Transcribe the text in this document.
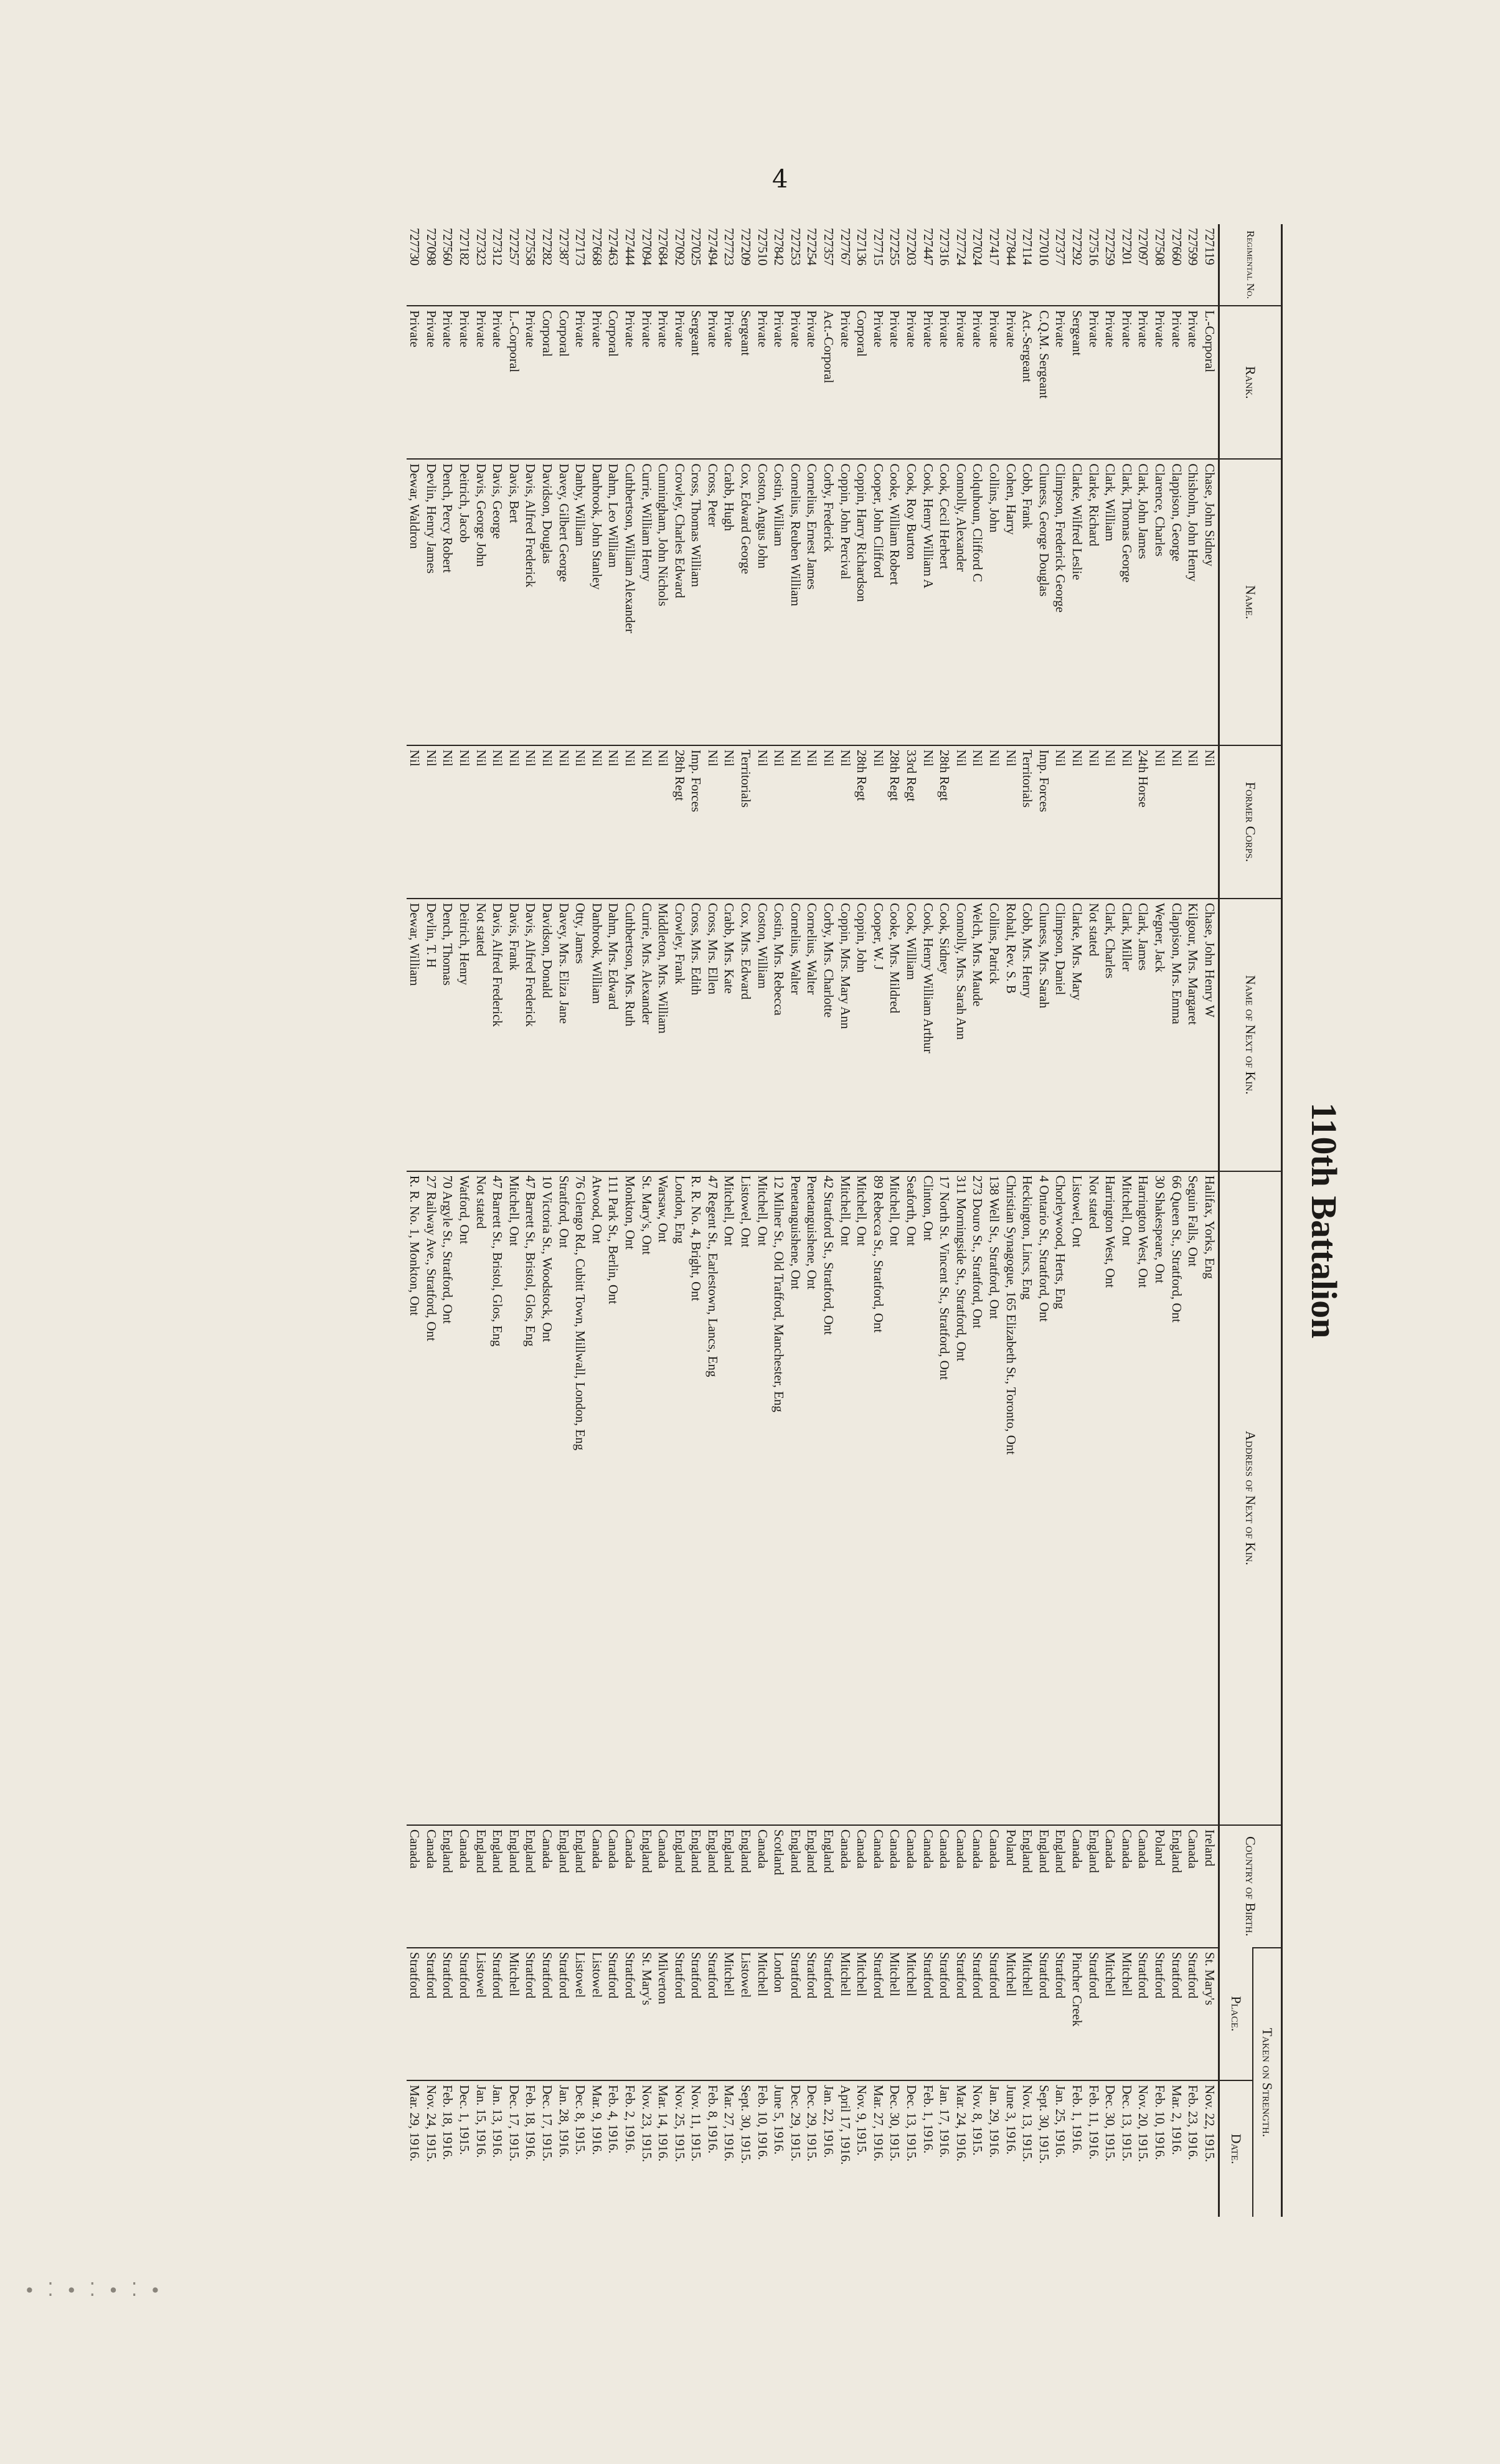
4
110th Battalion
Regimental No.	Rank.	Name.	Former Corps.	Name of Next of Kin.	Address of Next of Kin.	Country of Birth.	Taken on Strength.	
							Place.	Date.
727119	L.-Corporal	Chase, John Sidney	Nil	Chase, John Henry W	Halifax, Yorks, Eng	Ireland	St. Mary's	Nov. 22, 1915.
727599	Private	Chisholm, John Henry	Nil	Kilgour, Mrs. Margaret	Seguin Falls, Ont	Canada	Stratford	Feb. 23, 1916.
727660	Private	Clappison, George	Nil	Clappison, Mrs. Emma	66 Queen St., Stratford, Ont	England	Stratford	Mar. 2, 1916.
727508	Private	Clarence, Charles	Nil	Wegner, Jack	30 Shakespeare, Ont	Poland	Stratford	Feb. 10, 1916.
727097	Private	Clark, John James	24th Horse	Clark, James	Harrington West, Ont	Canada	Stratford	Nov. 20, 1915.
727201	Private	Clark, Thomas George	Nil	Clark, Miller	Mitchell, Ont	Canada	Mitchell	Dec. 13, 1915.
727259	Private	Clark, William	Nil	Clark, Charles	Harrington West, Ont	Canada	Mitchell	Dec. 30, 1915.
727516	Private	Clarke, Richard	Nil	Not stated	Not stated	England	Stratford	Feb. 11, 1916.
727292	Sergeant	Clarke, Wilfred Leslie	Nil	Clarke, Mrs. Mary	Listowel, Ont	Canada	Pincher Creek	Feb. 1, 1916.
727377	Private	Climpson, Frederick George	Nil	Climpson, Daniel	Chorleywood, Herts, Eng	England	Stratford	Jan. 25, 1916.
727010	C.Q.M. Sergeant	Cluness, George Douglas	Imp. Forces	Cluness, Mrs. Sarah	4 Ontario St., Stratford, Ont	England	Stratford	Sept. 30, 1915.
727114	Act.-Sergeant	Cobb, Frank	Territorials	Cobb, Mrs. Henry	Heckington, Lincs, Eng	England	Mitchell	Nov. 13, 1915.
727844	Private	Cohen, Harry	Nil	Rohalt, Rev. S. B	Christian Synagogue, 165 Elizabeth St., Toronto, Ont	Poland	Mitchell	June 3, 1916.
727417	Private	Collins, John	Nil	Collins, Patrick	138 Well St., Stratford, Ont	Canada	Stratford	Jan. 29, 1916.
727024	Private	Colquhoun, Clifford C	Nil	Welch, Mrs. Maude	273 Douro St., Stratford, Ont	Canada	Stratford	Nov. 8, 1915.
727724	Private	Connolly, Alexander	Nil	Connolly, Mrs. Sarah Ann	311 Morningside St., Stratford, Ont	Canada	Stratford	Mar. 24, 1916.
727316	Private	Cook, Cecil Herbert	28th Regt	Cook, Sidney	17 North St. Vincent St., Stratford, Ont	Canada	Stratford	Jan. 17, 1916.
727447	Private	Cook, Henry William A	Nil	Cook, Henry William Arthur	Clinton, Ont	Canada	Stratford	Feb. 1, 1916.
727203	Private	Cook, Roy Burton	33rd Regt	Cook, William	Seaforth, Ont	Canada	Mitchell	Dec. 13, 1915.
727255	Private	Cooke, William Robert	28th Regt	Cooke, Mrs. Mildred	Mitchell, Ont	Canada	Mitchell	Dec. 30, 1915.
727715	Private	Cooper, John Clifford	Nil	Cooper, W. J	89 Rebecca St., Stratford, Ont	Canada	Stratford	Mar. 27, 1916.
727136	Corporal	Coppin, Harry Richardson	28th Regt	Coppin, John	Mitchell, Ont	Canada	Mitchell	Nov. 9, 1915.
727767	Private	Coppin, John Percival	Nil	Coppin, Mrs. Mary Ann	Mitchell, Ont	Canada	Mitchell	April 17, 1916.
727357	Act.-Corporal	Corby, Frederick	Nil	Corby, Mrs. Charlotte	42 Stratford St., Stratford, Ont	England	Stratford	Jan. 22, 1916.
727254	Private	Cornelius, Ernest James	Nil	Cornelius, Walter	Penetanguishene, Ont	England	Stratford	Dec. 29, 1915.
727253	Private	Cornelius, Reuben William	Nil	Cornelius, Walter	Penetanguishene, Ont	England	Stratford	Dec. 29, 1915.
727842	Private	Costin, William	Nil	Costin, Mrs. Rebecca	12 Milner St., Old Trafford, Manchester, Eng	Scotland	London	June 5, 1916.
727510	Private	Coston, Angus John	Nil	Coston, William	Mitchell, Ont	Canada	Mitchell	Feb. 10, 1916.
727209	Sergeant	Cox, Edward George	Territorials	Cox, Mrs. Edward	Listowel, Ont	England	Listowel	Sept. 30, 1915.
727723	Private	Crabb, Hugh	Nil	Crabb, Mrs. Kate	Mitchell, Ont	England	Mitchell	Mar. 27, 1916.
727494	Private	Cross, Peter	Nil	Cross, Mrs. Ellen	47 Regent St., Earlestown, Lancs, Eng	England	Stratford	Feb. 8, 1916.
727025	Sergeant	Cross, Thomas William	Imp. Forces	Cross, Mrs. Edith	R. R. No. 4, Bright, Ont	England	Stratford	Nov. 11, 1915.
727092	Private	Crowley, Charles Edward	28th Regt	Crowley, Frank	London, Eng	England	Stratford	Nov. 25, 1915.
727684	Private	Cunningham, John Nichols	Nil	Middleton, Mrs. William	Warsaw, Ont	Canada	Milverton	Mar. 14, 1916.
727094	Private	Currie, William Henry	Nil	Currie, Mrs. Alexander	St. Mary's, Ont	England	St. Mary's	Nov. 23, 1915.
727444	Private	Cuthbertson, William Alexander	Nil	Cuthbertson, Mrs. Ruth	Monkton, Ont	Canada	Stratford	Feb. 2, 1916.
727463	Corporal	Dahm, Leo William	Nil	Dahm, Mrs. Edward	111 Park St., Berlin, Ont	Canada	Stratford	Feb. 4, 1916.
727668	Private	Danbrook, John Stanley	Nil	Danbrook, William	Atwood, Ont	Canada	Listowel	Mar. 9, 1916.
727173	Private	Danby, William	Nil	Otty, James	76 Glengo Rd., Cubitt Town, Millwall, London, Eng	England	Listowel	Dec. 8, 1915.
727387	Corporal	Davey, Gilbert George	Nil	Davey, Mrs. Eliza Jane	Stratford, Ont	England	Stratford	Jan. 28, 1916.
727282	Corporal	Davidson, Douglas	Nil	Davidson, Donald	10 Victoria St., Woodstock, Ont	Canada	Stratford	Dec. 17, 1915.
727558	Private	Davis, Alfred Frederick	Nil	Davis, Alfred Frederick	47 Barrett St., Bristol, Glos, Eng	England	Stratford	Feb. 18, 1916.
727257	L.-Corporal	Davis, Bert	Nil	Davis, Frank	Mitchell, Ont	England	Mitchell	Dec. 17, 1915.
727312	Private	Davis, George	Nil	Davis, Alfred Frederick	47 Barrett St., Bristol, Glos, Eng	England	Stratford	Jan. 13, 1916.
727323	Private	Davis, George John	Nil	Not stated	Not stated	England	Listowel	Jan. 15, 1916.
727182	Private	Deitrich, Jacob	Nil	Deitrich, Henry	Watford, Ont	Canada	Stratford	Dec. 1, 1915.
727560	Private	Dench, Percy Robert	Nil	Dench, Thomas	70 Argyle St., Stratford, Ont	England	Stratford	Feb. 18, 1916.
727098	Private	Devlin, Henry James	Nil	Devlin, T. H	27 Railway Ave., Stratford, Ont	Canada	Stratford	Nov. 24, 1915.
727730	Private	Dewar, Waldron	Nil	Dewar, William	R. R. No. 1, Monkton, Ont	Canada	Stratford	Mar. 29, 1916.
∙ ⁚ ∙ ⁚ ∙ ⁚ ∙
